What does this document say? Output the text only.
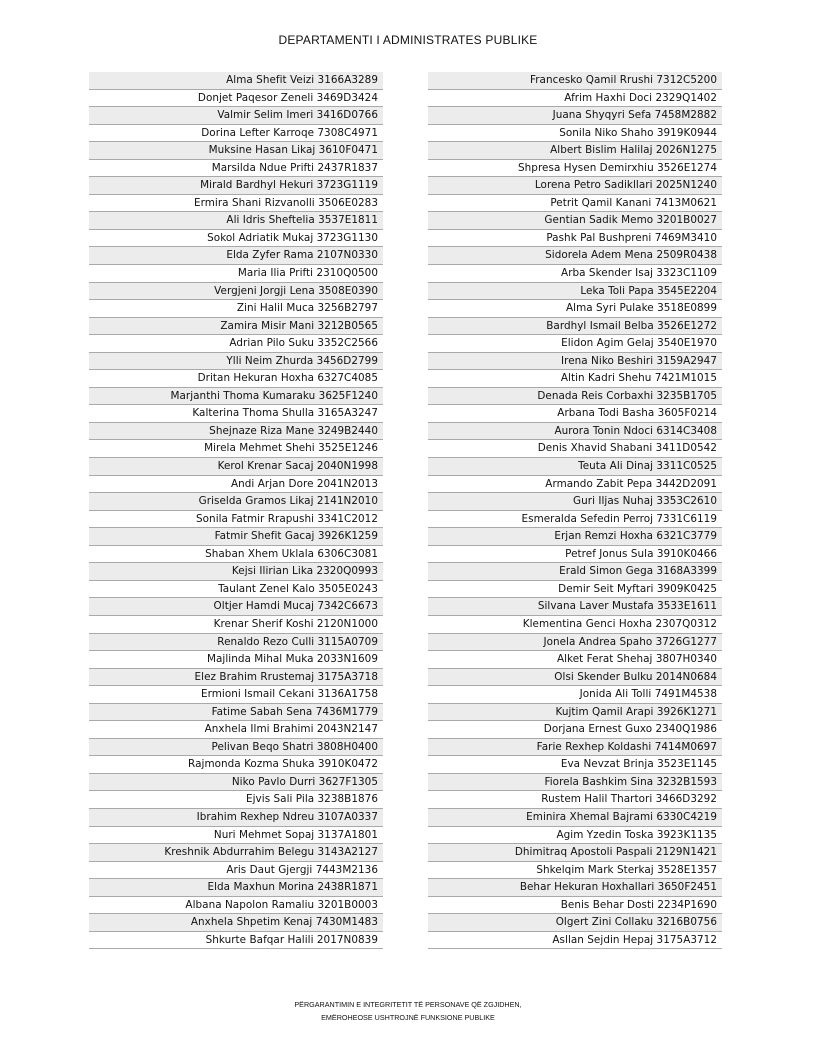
DEPARTAMENTI I ADMINISTRATES PUBLIKE
Alma Shefit Veizi 3166A3289
Donjet Paqesor Zeneli 3469D3424
Valmir Selim Imeri 3416D0766
Dorina Lefter Karroqe 7308C4971
Muksine Hasan Likaj 3610F0471
Marsilda Ndue Prifti 2437R1837
Mirald Bardhyl Hekuri 3723G1119
Ermira Shani Rizvanolli 3506E0283
Ali Idris Sheftelia 3537E1811
Sokol Adriatik Mukaj 3723G1130
Elda Zyfer Rama 2107N0330
Maria Ilia Prifti 2310Q0500
Vergjeni Jorgji Lena 3508E0390
Zini Halil Muca 3256B2797
Zamira Misir Mani 3212B0565
Adrian Pilo Suku 3352C2566
Ylli Neim Zhurda 3456D2799
Dritan Hekuran Hoxha 6327C4085
Marjanthi Thoma Kumaraku 3625F1240
Kalterina Thoma Shulla 3165A3247
Shejnaze Riza Mane 3249B2440
Mirela Mehmet Shehi 3525E1246
Kerol Krenar Sacaj 2040N1998
Andi Arjan Dore 2041N2013
Griselda Gramos Likaj 2141N2010
Sonila Fatmir Rrapushi 3341C2012
Fatmir Shefit Gacaj 3926K1259
Shaban Xhem Uklala 6306C3081
Kejsi Ilirian Lika 2320Q0993
Taulant Zenel Kalo 3505E0243
Oltjer Hamdi Mucaj 7342C6673
Krenar Sherif Koshi 2120N1000
Renaldo Rezo Culli 3115A0709
Majlinda Mihal Muka 2033N1609
Elez Brahim Rrustemaj 3175A3718
Ermioni Ismail Cekani 3136A1758
Fatime Sabah Sena 7436M1779
Anxhela Ilmi Brahimi 2043N2147
Pelivan Beqo Shatri 3808H0400
Rajmonda Kozma Shuka 3910K0472
Niko Pavlo Durri 3627F1305
Ejvis Sali Pila 3238B1876
Ibrahim Rexhep Ndreu 3107A0337
Nuri Mehmet Sopaj 3137A1801
Kreshnik Abdurrahim Belegu 3143A2127
Aris Daut Gjergji 7443M2136
Elda Maxhun Morina 2438R1871
Albana Napolon Ramaliu 3201B0003
Anxhela Shpetim Kenaj 7430M1483
Shkurte Bafqar Halili 2017N0839
Francesko Qamil Rrushi 7312C5200
Afrim Haxhi Doci 2329Q1402
Juana Shyqyri Sefa 7458M2882
Sonila Niko Shaho 3919K0944
Albert Bislim Halilaj 2026N1275
Shpresa Hysen Demirxhiu 3526E1274
Lorena Petro Sadikllari 2025N1240
Petrit Qamil Kanani 7413M0621
Gentian Sadik Memo 3201B0027
Pashk Pal Bushpreni 7469M3410
Sidorela Adem Mena 2509R0438
Arba Skender Isaj 3323C1109
Leka Toli Papa 3545E2204
Alma Syri Pulake 3518E0899
Bardhyl Ismail Belba 3526E1272
Elidon Agim Gelaj 3540E1970
Irena Niko Beshiri 3159A2947
Altin Kadri Shehu 7421M1015
Denada Reis Corbaxhi 3235B1705
Arbana Todi Basha 3605F0214
Aurora Tonin Ndoci 6314C3408
Denis Xhavid Shabani 3411D0542
Teuta Ali Dinaj 3311C0525
Armando Zabit Pepa 3442D2091
Guri Iljas Nuhaj 3353C2610
Esmeralda Sefedin Perroj 7331C6119
Erjan Remzi Hoxha 6321C3779
Petref Jonus Sula 3910K0466
Erald Simon Gega 3168A3399
Demir Seit Myftari 3909K0425
Silvana Laver Mustafa 3533E1611
Klementina Genci Hoxha 2307Q0312
Jonela Andrea Spaho 3726G1277
Alket Ferat Shehaj 3807H0340
Olsi Skender Bulku 2014N0684
Jonida Ali Tolli 7491M4538
Kujtim Qamil Arapi 3926K1271
Dorjana Ernest Guxo 2340Q1986
Farie Rexhep Koldashi 7414M0697
Eva Nevzat Brinja 3523E1145
Fiorela Bashkim Sina 3232B1593
Rustem Halil Thartori 3466D3292
Eminira Xhemal Bajrami 6330C4219
Agim Yzedin Toska 3923K1135
Dhimitraq Apostoli Paspali 2129N1421
Shkelqim Mark Sterkaj 3528E1357
Behar Hekuran Hoxhallari 3650F2451
Benis Behar Dosti 2234P1690
Olgert Zini Collaku 3216B0756
Asllan Sejdin Hepaj 3175A3712
PËRGARANTIMIN E INTEGRITETIT TË PERSONAVE QË ZGJIDHEN,
EMËROHEOSE USHTROJNË FUNKSIONE PUBLIKE
